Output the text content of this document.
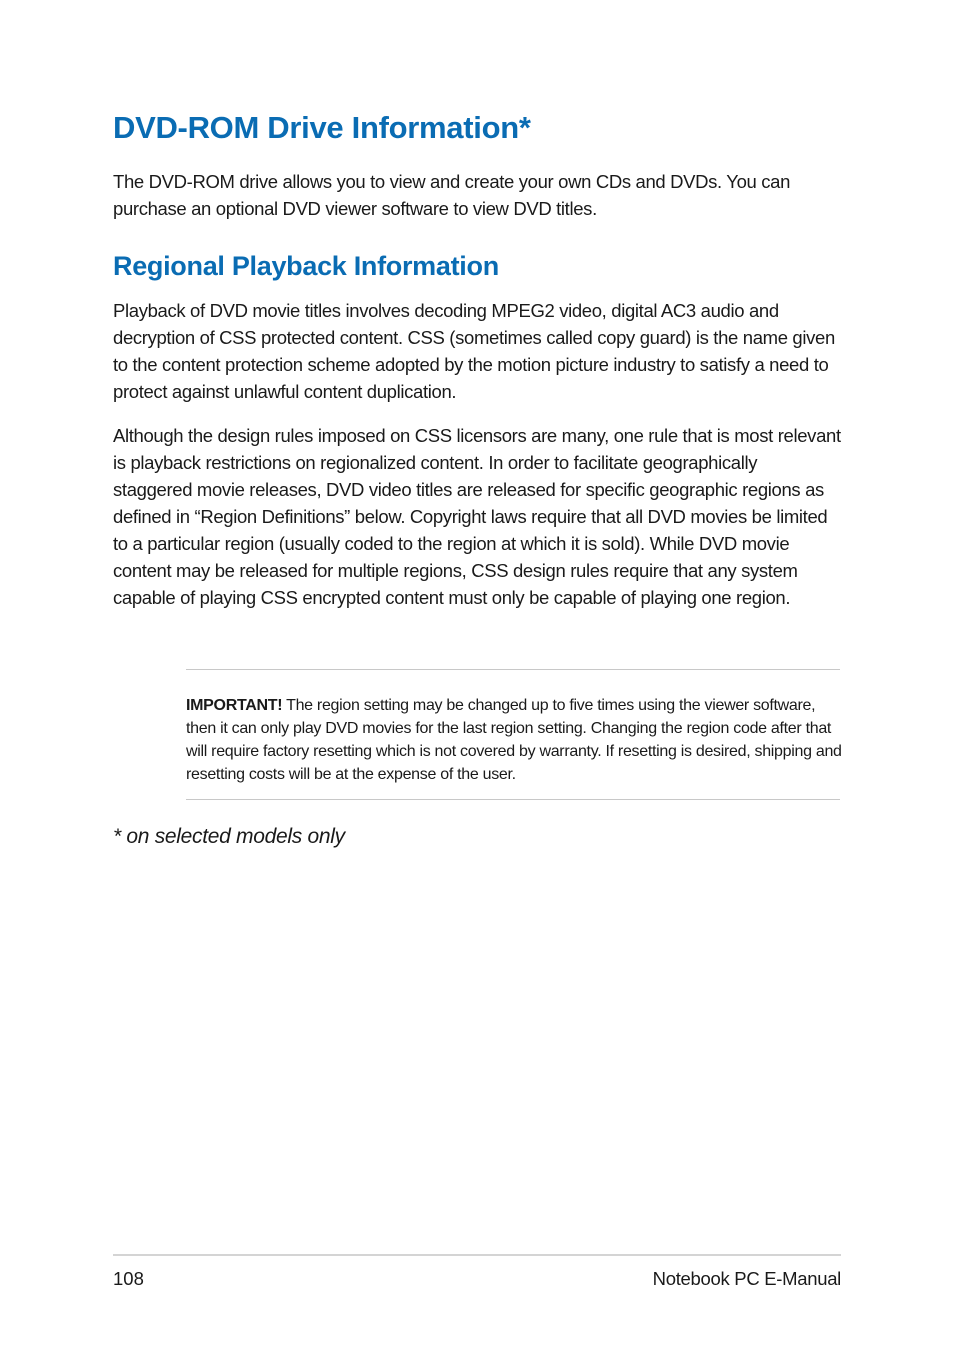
DVD-ROM Drive Information*

The DVD-ROM drive allows you to view and create your own CDs and DVDs. You can purchase an optional DVD viewer software to view DVD titles.

Regional Playback Information

Playback of DVD movie titles involves decoding MPEG2 video, digital AC3 audio and decryption of CSS protected content. CSS (sometimes called copy guard) is the name given to the content protection scheme adopted by the motion picture industry to satisfy a need to protect against unlawful content duplication.

Although the design rules imposed on CSS licensors are many, one rule that is most relevant is playback restrictions on regionalized content. In order to facilitate geographically staggered movie releases, DVD video titles are released for specific geographic regions as defined in “Region Definitions” below. Copyright laws require that all DVD movies be limited to a particular region (usually coded to the region at which it is sold). While DVD movie content may be released for multiple regions, CSS design rules require that any system capable of playing CSS encrypted content must only be capable of playing one region.

IMPORTANT! The region setting may be changed up to five times using the viewer software, then it can only play DVD movies for the last region setting. Changing the region code after that will require factory resetting which is not covered by warranty. If resetting is desired, shipping and resetting costs will be at the expense of the user.

* on selected models only

108	Notebook PC E-Manual
